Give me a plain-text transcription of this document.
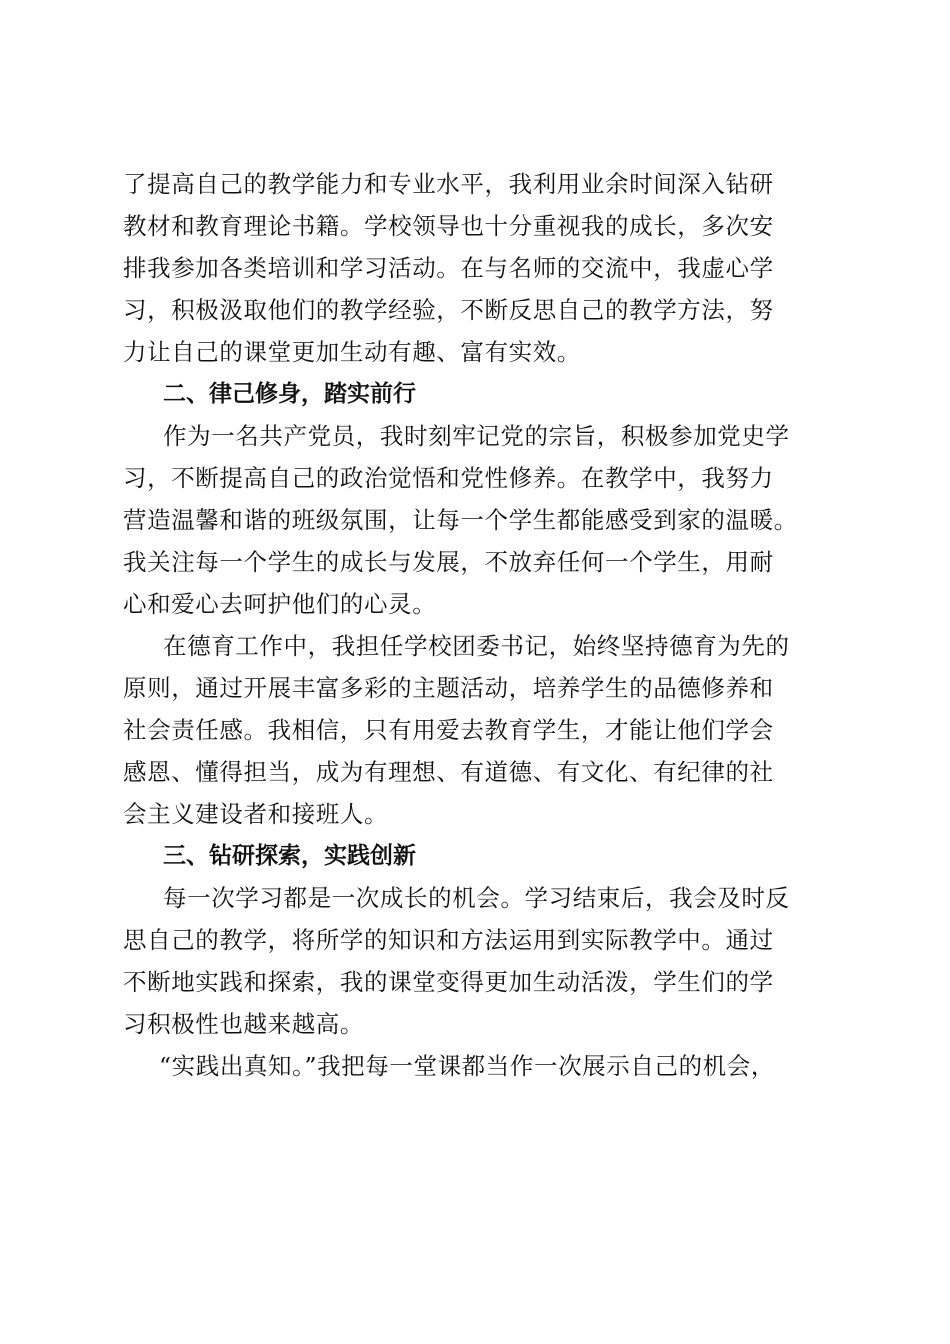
了提高自己的教学能力和专业水平，我利用业余时间深入钻研
教材和教育理论书籍。学校领导也十分重视我的成长，多次安
排我参加各类培训和学习活动。在与名师的交流中，我虚心学
习，积极汲取他们的教学经验，不断反思自己的教学方法，努
力让自己的课堂更加生动有趣、富有实效。
二、律己修身，踏实前行
作为一名共产党员，我时刻牢记党的宗旨，积极参加党史学
习，不断提高自己的政治觉悟和党性修养。在教学中，我努力
营造温馨和谐的班级氛围，让每一个学生都能感受到家的温暖。
我关注每一个学生的成长与发展，不放弃任何一个学生，用耐
心和爱心去呵护他们的心灵。
在德育工作中，我担任学校团委书记，始终坚持德育为先的
原则，通过开展丰富多彩的主题活动，培养学生的品德修养和
社会责任感。我相信，只有用爱去教育学生，才能让他们学会
感恩、懂得担当，成为有理想、有道德、有文化、有纪律的社
会主义建设者和接班人。
三、钻研探索，实践创新
每一次学习都是一次成长的机会。学习结束后，我会及时反
思自己的教学，将所学的知识和方法运用到实际教学中。通过
不断地实践和探索，我的课堂变得更加生动活泼，学生们的学
习积极性也越来越高。
“实践出真知。”我把每一堂课都当作一次展示自己的机会，
